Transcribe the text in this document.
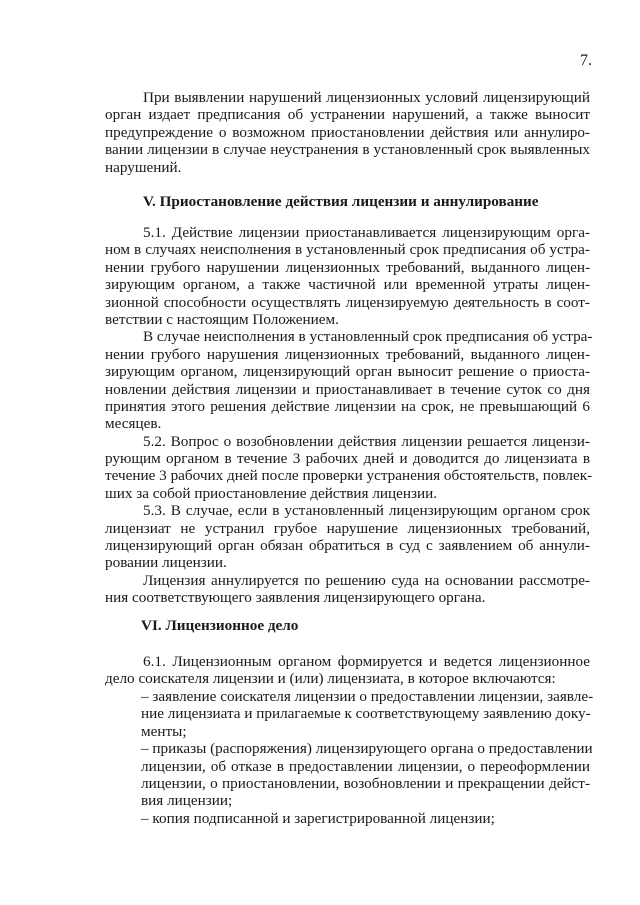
7.
При выявлении нарушений лицензионных условий лицензирующий
орган издает предписания об устранении нарушений, а также выносит
предупреждение о возможном приостановлении действия или аннулиро-
вании лицензии в случае неустранения в установленный срок выявленных
нарушений.
V. Приостановление действия лицензии и аннулирование
5.1. Действие лицензии приостанавливается лицензирующим орга-
ном в случаях неисполнения в установленный срок предписания об устра-
нении грубого нарушении лицензионных требований, выданного лицен-
зирующим органом, а также частичной или временной утраты лицен-
зионной способности осуществлять лицензируемую деятельность в соот-
ветствии с настоящим Положением.
В случае неисполнения в установленный срок предписания об устра-
нении грубого нарушения лицензионных требований, выданного лицен-
зирующим органом, лицензирующий орган выносит решение о приоста-
новлении действия лицензии и приостанавливает в течение суток со дня
принятия этого решения действие лицензии на срок, не превышающий 6
месяцев.
5.2. Вопрос о возобновлении действия лицензии решается лицензи-
рующим органом в течение 3 рабочих дней и доводится до лицензиата в
течение 3 рабочих дней после проверки устранения обстоятельств, повлек-
ших за собой приостановление действия лицензии.
5.3. В случае, если в установленный лицензирующим органом срок
лицензиат не устранил грубое нарушение лицензионных требований,
лицензирующий орган обязан обратиться в суд с заявлением об аннули-
ровании лицензии.
Лицензия аннулируется по решению суда на основании рассмотре-
ния соответствующего заявления лицензирующего органа.
VI. Лицензионное дело
6.1. Лицензионным органом формируется и ведется лицензионное
дело соискателя лицензии и (или) лицензиата, в которое включаются:
– заявление соискателя лицензии о предоставлении лицензии, заявле-
ние лицензиата и прилагаемые к соответствующему заявлению доку-
менты;
– приказы (распоряжения) лицензирующего органа о предоставлении
лицензии, об отказе в предоставлении лицензии, о переоформлении
лицензии, о приостановлении, возобновлении и прекращении дейст-
вия лицензии;
– копия подписанной и зарегистрированной лицензии;
